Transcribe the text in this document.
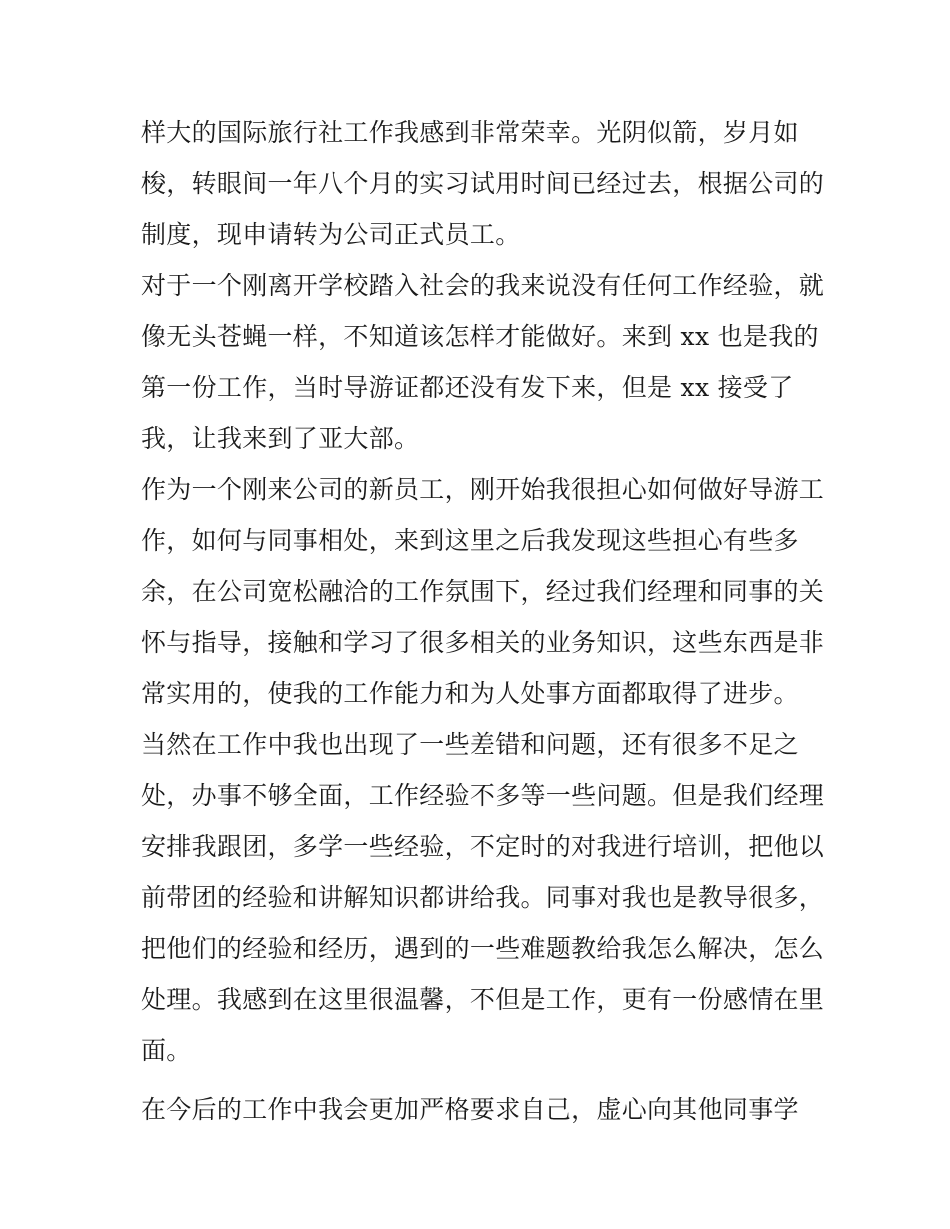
样大的国际旅行社工作我感到非常荣幸。光阴似箭，岁月如
梭，转眼间一年八个月的实习试用时间已经过去，根据公司的
制度，现申请转为公司正式员工。
对于一个刚离开学校踏入社会的我来说没有任何工作经验，就
像无头苍蝇一样，不知道该怎样才能做好。来到 xx 也是我的
第一份工作，当时导游证都还没有发下来，但是 xx 接受了
我，让我来到了亚大部。
作为一个刚来公司的新员工，刚开始我很担心如何做好导游工
作，如何与同事相处，来到这里之后我发现这些担心有些多
余，在公司宽松融洽的工作氛围下，经过我们经理和同事的关
怀与指导，接触和学习了很多相关的业务知识，这些东西是非
常实用的，使我的工作能力和为人处事方面都取得了进步。
当然在工作中我也出现了一些差错和问题，还有很多不足之
处，办事不够全面，工作经验不多等一些问题。但是我们经理
安排我跟团，多学一些经验，不定时的对我进行培训，把他以
前带团的经验和讲解知识都讲给我。同事对我也是教导很多，
把他们的经验和经历，遇到的一些难题教给我怎么解决，怎么
处理。我感到在这里很温馨，不但是工作，更有一份感情在里
面。
在今后的工作中我会更加严格要求自己，虚心向其他同事学
